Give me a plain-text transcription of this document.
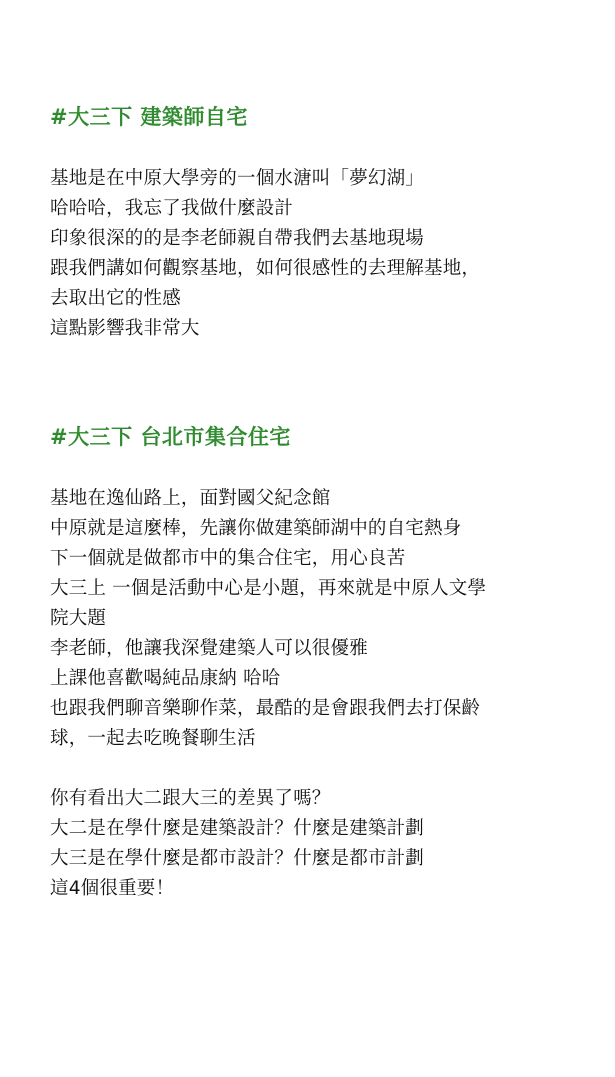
#大三下 建築師自宅
基地是在中原大學旁的一個水溏叫「夢幻湖」
哈哈哈，我忘了我做什麼設計
印象很深的的是李老師親自帶我們去基地現場
跟我們講如何觀察基地，如何很感性的去理解基地，
去取出它的性感
這點影響我非常大
#大三下 台北市集合住宅
基地在逸仙路上，面對國父紀念館
中原就是這麼棒，先讓你做建築師湖中的自宅熱身
下一個就是做都市中的集合住宅，用心良苦
大三上 一個是活動中心是小題，再來就是中原人文學
院大題
李老師，他讓我深覺建築人可以很優雅
上課他喜歡喝純品康納 哈哈
也跟我們聊音樂聊作菜，最酷的是會跟我們去打保齡
球，一起去吃晚餐聊生活
你有看出大二跟大三的差異了嗎？
大二是在學什麼是建築設計？什麼是建築計劃
大三是在學什麼是都市設計？什麼是都市計劃
這4個很重要！
